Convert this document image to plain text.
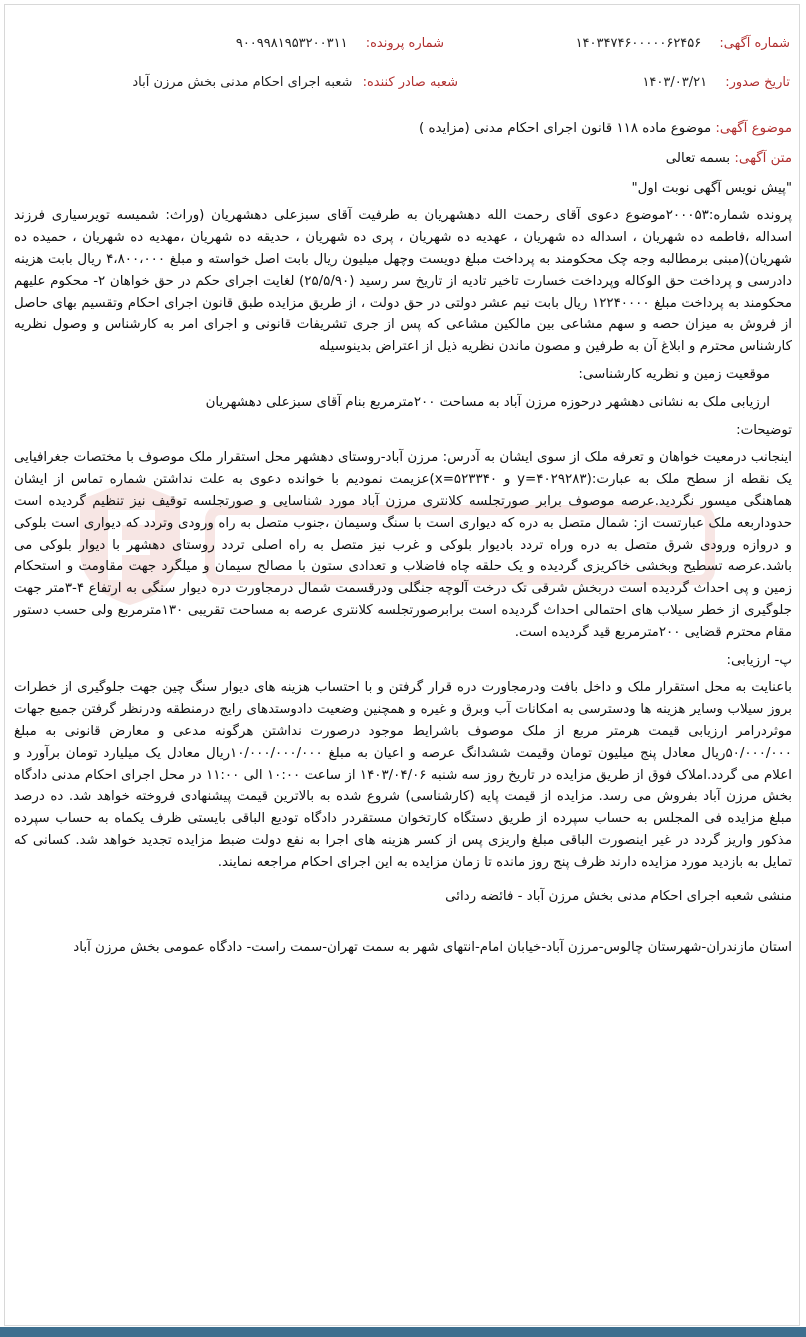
شماره آگهی: ۱۴۰۳۴۷۴۶۰۰۰۰۰۶۲۴۵۶
شماره پرونده: ۹۰۰۹۹۸۱۹۵۳۲۰۰۳۱۱
تاریخ صدور: ۱۴۰۳/۰۳/۲۱
شعبه صادر کننده: شعبه اجرای احکام مدنی بخش مرزن آباد
موضوع آگهی: موضوع ماده ۱۱۸ قانون اجرای احکام مدنی (مزایده )
متن آگهی: بسمه تعالی

"پیش نویس آگهی نوبت اول"

پرونده شماره:۲۰۰۰۵۳موضوع دعوی آقای رحمت الله دهشهریان به طرفیت آقای سبزعلی دهشهریان (وراث: شمیسه تویرسیاری فرزند اسداله ،فاطمه ده شهریان ، اسداله ده شهریان ، عهدیه ده شهریان ، پری ده شهریان ، حدیقه ده شهریان ،مهدیه ده شهریان ، حمیده ده شهریان)(مبنی برمطالبه وجه چک محکومند به پرداخت مبلغ دویست وچهل میلیون ریال بابت اصل خواسته و مبلغ ۴،۸۰۰،۰۰۰ ریال بابت هزینه دادرسی و پرداخت حق الوکاله وپرداخت خسارت تاخیر تادیه از تاریخ سر رسید (۲۵/۵/۹۰) لغایت اجرای حکم در حق خواهان ۲- محکوم علیهم محکومند به پرداخت مبلغ ۱۲۲۴۰۰۰۰ ریال بابت نیم عشر دولتی در حق دولت ، از طریق مزایده طبق قانون اجرای احکام وتقسیم بهای حاصل از فروش به میزان حصه و سهم مشاعی بین مالکین مشاعی که پس از جری تشریفات قانونی و اجرای امر به کارشناس و وصول نظریه کارشناس محترم و ابلاغ آن به طرفین و مصون ماندن نظریه ذیل از اعتراض بدینوسیله

موقعیت زمین و نظریه کارشناسی:

ارزیابی ملک به نشانی دهشهر درحوزه مرزن آباد به مساحت ۲۰۰مترمربع بنام آقای سبزعلی دهشهریان

توضیحات:

اینجانب درمعیت خواهان و تعرفه ملک از سوی ایشان به آدرس: مرزن آباد-روستای دهشهر محل استقرار ملک موصوف با مختصات جغرافیایی یک نقطه از سطح ملک به عبارت:(۴۰۲۹۲۸۳=y و ۵۲۳۳۴۰=x)عزیمت نمودیم با خوانده دعوی به علت نداشتن شماره تماس از ایشان هماهنگی میسور نگردید.عرصه موصوف برابر صورتجلسه کلانتری مرزن آباد مورد شناسایی و صورتجلسه توقیف نیز تنظیم گردیده است حدوداربعه ملک عبارتست از: شمال متصل به دره که دیواری است با سنگ وسیمان ،جنوب متصل به راه ورودی وتردد که دیواری است بلوکی و دروازه ورودی شرق متصل به دره وراه تردد بادیوار بلوکی و غرب نیز متصل به راه اصلی تردد روستای دهشهر با دیوار بلوکی می باشد.عرصه تسطیح وبخشی خاکریزی گردیده و یک حلقه چاه فاضلاب و تعدادی ستون با مصالح سیمان و میلگرد جهت مقاومت و استحکام زمین و پی احداث گردیده است دربخش شرقی تک درخت آلوچه جنگلی ودرقسمت شمال درمجاورت دره دیوار سنگی به ارتفاع ۴-۳متر جهت جلوگیری از خطر سیلاب های احتمالی احداث گردیده است برابرصورتجلسه کلانتری عرصه به مساحت تقریبی ۱۳۰مترمربع ولی حسب دستور مقام محترم قضایی ۲۰۰مترمربع قید گردیده است.

پ- ارزیابی:

باعنایت به محل استقرار ملک و داخل بافت ودرمجاورت دره قرار گرفتن و با احتساب هزینه های دیوار سنگ چین جهت جلوگیری از خطرات بروز سیلاب وسایر هزینه ها ودسترسی به امکانات آب وبرق و غیره و همچنین وضعیت دادوستدهای رایج درمنطقه ودرنظر گرفتن جمیع جهات موثردرامر ارزیابی قیمت هرمتر مربع از ملک موصوف باشرایط موجود درصورت نداشتن هرگونه مدعی و معارض قانونی به مبلغ ۵۰/۰۰۰/۰۰۰ریال معادل پنج میلیون تومان وقیمت ششدانگ عرصه و اعیان به مبلغ ۱۰/۰۰۰/۰۰۰/۰۰۰ریال معادل یک میلیارد تومان برآورد و اعلام می گردد.املاک فوق از طریق مزایده در تاریخ روز سه شنبه ۱۴۰۳/۰۴/۰۶ از ساعت ۱۰:۰۰ الی ۱۱:۰۰ در محل اجرای احکام مدنی دادگاه بخش مرزن آباد بفروش می رسد. مزایده از قیمت پایه (کارشناسی) شروع شده به بالاترین قیمت پیشنهادی فروخته خواهد شد. ده درصد مبلغ مزایده فی المجلس به حساب سپرده از طریق دستگاه کارتخوان مستقردر دادگاه تودیع الباقی بایستی ظرف یکماه به حساب سپرده مذکور واریز گردد در غیر اینصورت الباقی مبلغ واریزی پس از کسر هزینه های اجرا به نفع دولت ضبط مزایده تجدید خواهد شد. کسانی که تمایل به بازدید مورد مزایده دارند ظرف پنج روز مانده تا زمان مزایده به این اجرای احکام مراجعه نمایند.

منشی شعبه اجرای احکام مدنی بخش مرزن آباد - فائضه ردائی

استان مازندران-شهرستان چالوس-مرزن آباد-خیابان امام-انتهای شهر به سمت تهران-سمت راست- دادگاه عمومی بخش مرزن آباد
